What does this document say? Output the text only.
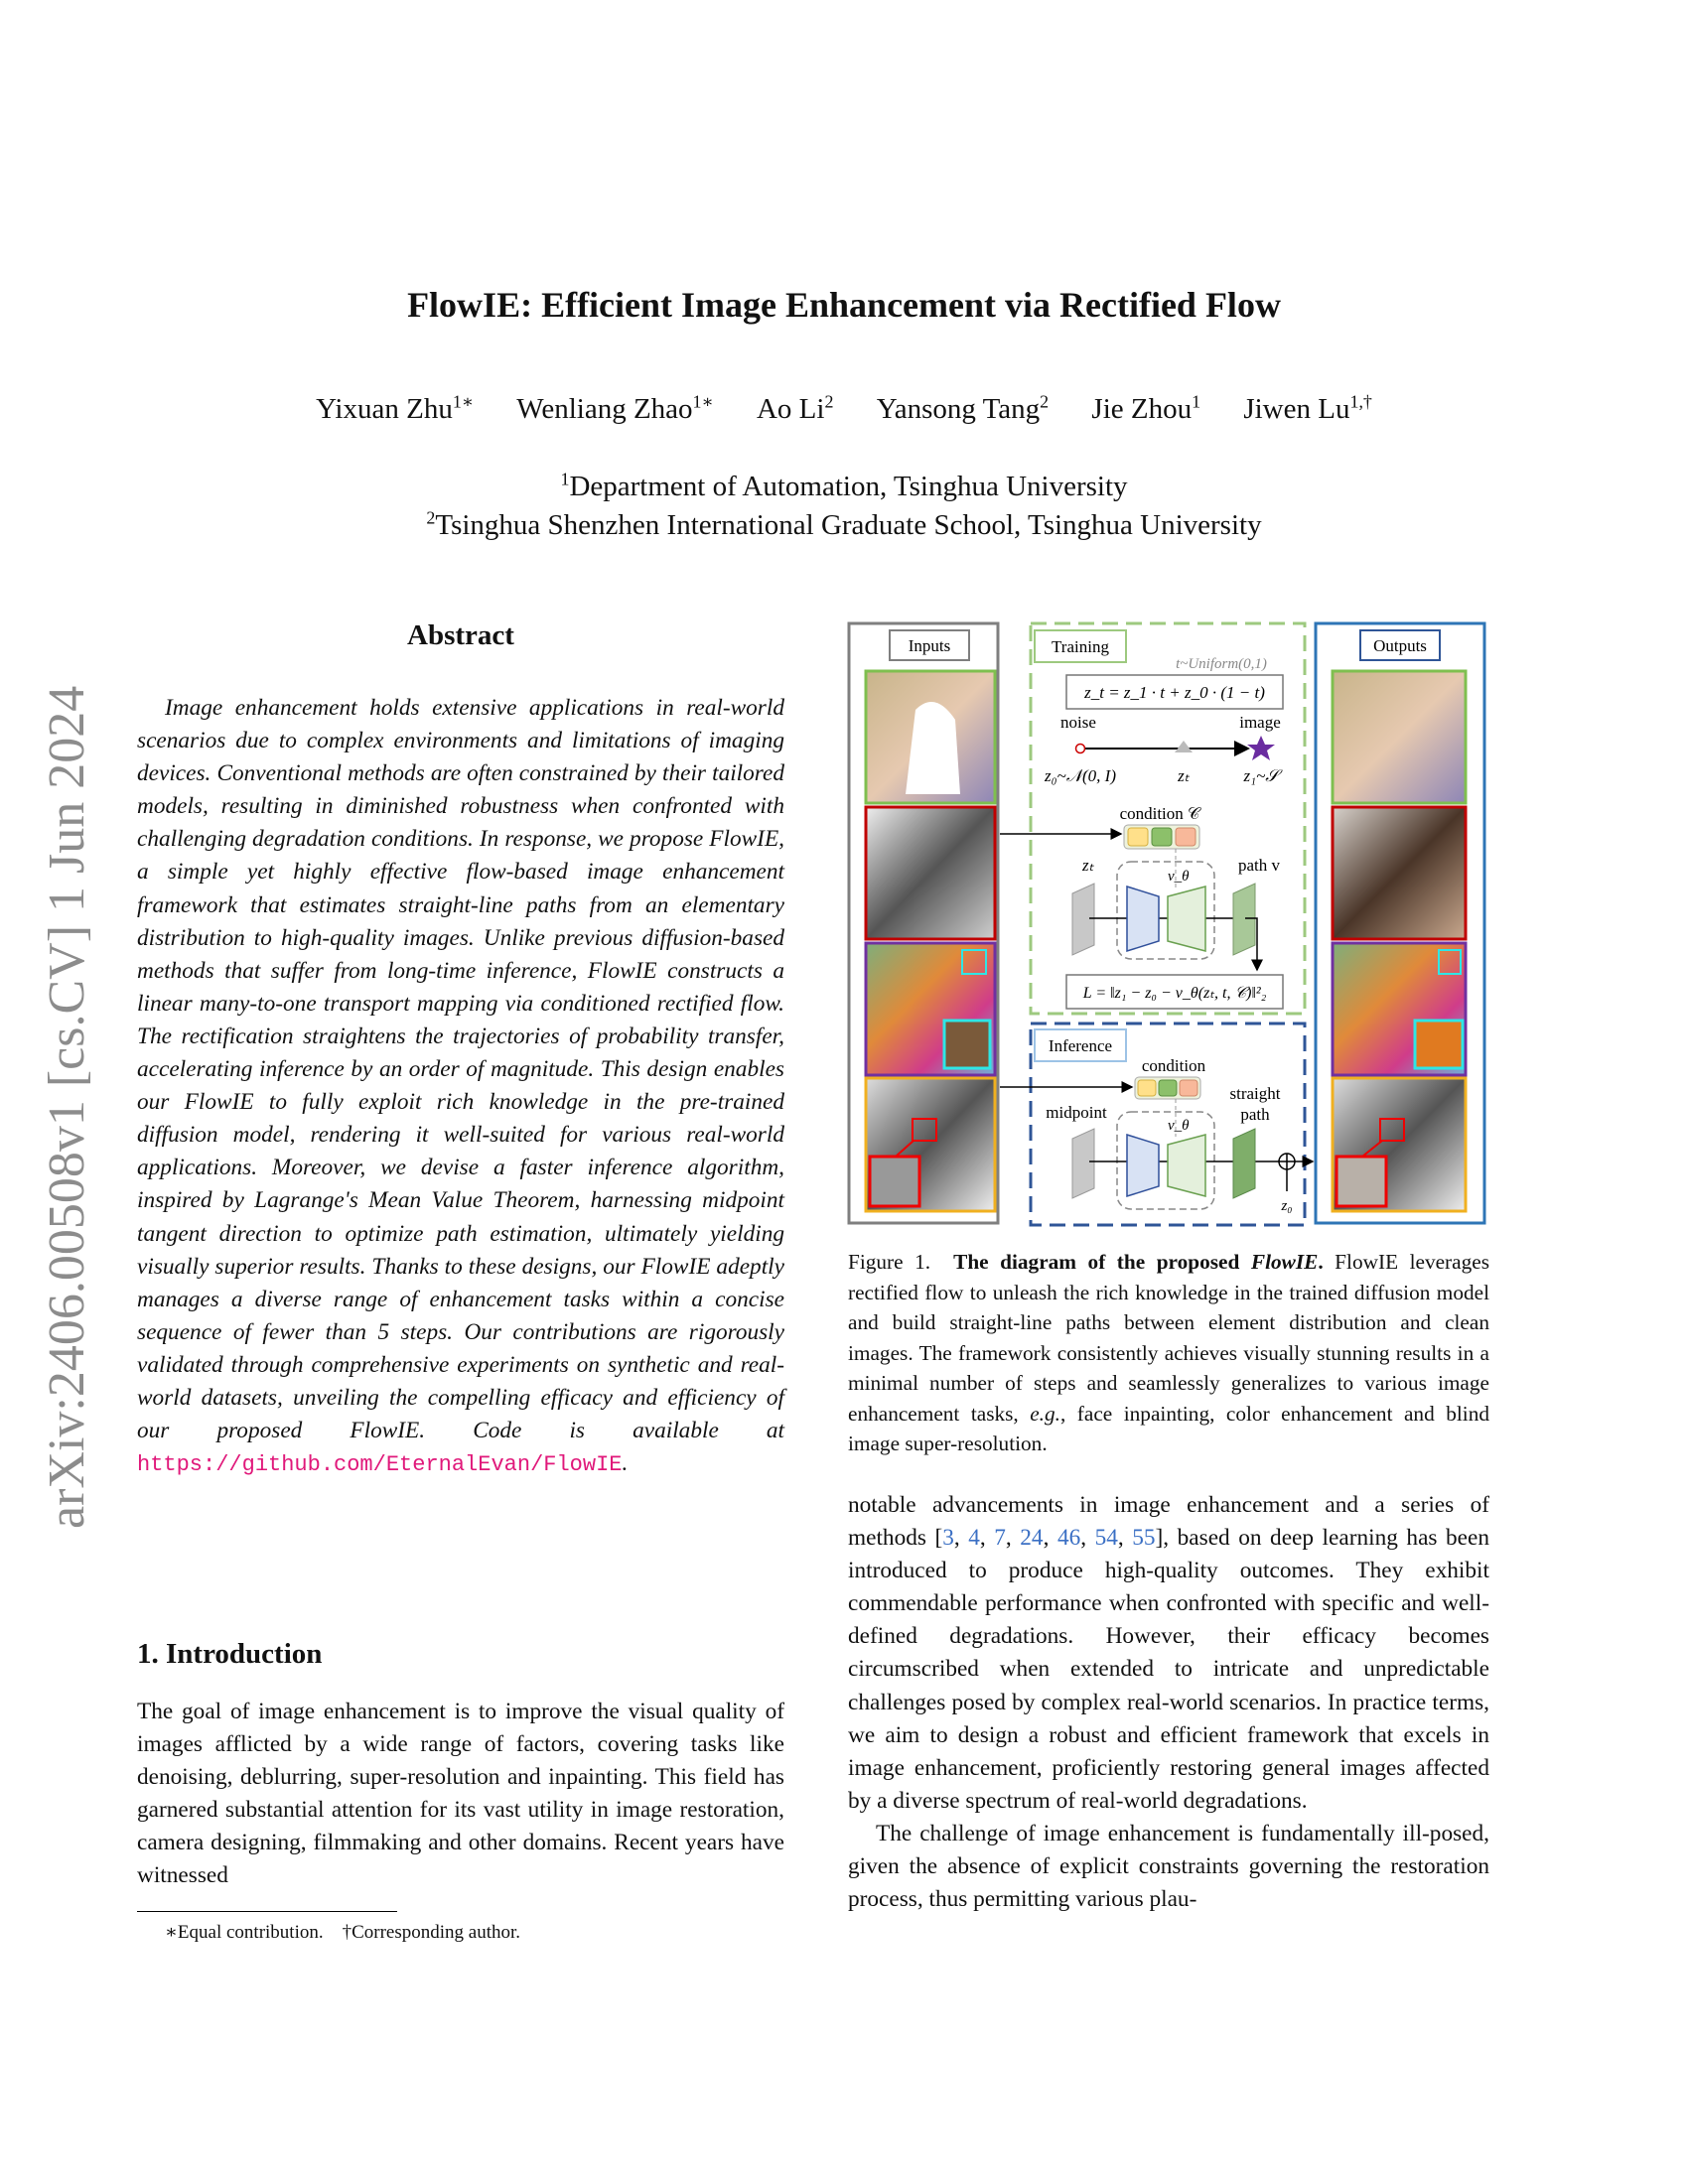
arXiv:2406.00508v1 [cs.CV] 1 Jun 2024
FlowIE: Efficient Image Enhancement via Rectified Flow
Yixuan Zhu$^{1∗}$ Wenliang Zhao$^{1∗}$ Ao Li$^2$ Yansong Tang$^2$ Jie Zhou$^1$ Jiwen $Lu^{1,\dagger}$
$^1$Department of Automation, Tsinghua University
$^2$Tsinghua Shenzhen International Graduate School, Tsinghua University
Abstract

Image enhancement holds extensive applications in real-world scenarios due to complex environments and limitations of imaging devices. Conventional methods are often constrained by their tailored models, resulting in diminished robustness when confronted with challenging degradation conditions. In response, we propose FlowIE, a simple yet highly effective flow-based image enhancement framework that estimates straight-line paths from an elementary distribution to high-quality images. Unlike previous diffusion-based methods that suffer from long-time inference, FlowIE constructs a linear many-to-one transport mapping via conditioned rectified flow. The rectification straightens the trajectories of probability transfer, accelerating inference by an order of magnitude. This design enables our FlowIE to fully exploit rich knowledge in the pre-trained diffusion model, rendering it well-suited for various real-world applications. Moreover, we devise a faster inference algorithm, inspired by Lagrange's Mean Value Theorem, harnessing midpoint tangent direction to optimize path estimation, ultimately yielding visually superior results. Thanks to these designs, our FlowIE adeptly manages a diverse range of enhancement tasks within a concise sequence of fewer than 5 steps. Our contributions are rigorously validated through comprehensive experiments on synthetic and real-world datasets, unveiling the compelling efficacy and efficiency of our proposed FlowIE. Code is available at https://github.com/EternalEvan/FlowIE.

1. Introduction
The goal of image enhancement is to improve the visual quality of images afflicted by a wide range of factors, covering tasks like denoising, deblurring, super-resolution and inpainting. This field has garnered substantial attention for its vast utility in image restoration, camera designing, filmmaking and other domains. Recent years have witnessed
∗Equal contribution. †Corresponding author.
Inputs	Training
t~Uniform(0,1)
z_t = z_1 · t + z_0 · (1 − t)
noise	image
z₀~𝒩(0, I)	zₜ	z₁~𝒮
condition 𝒞
zₜ
v_θ
path v
L = ‖z₁ − z₀ − v_θ(zₜ, t, 𝒞)‖²₂
Inference
condition
midpoint
straight
path
v_θ
z₀
Outputs
Figure 1. The diagram of the proposed FlowIE. FlowIE leverages rectified flow to unleash the rich knowledge in the trained diffusion model and build straight-line paths between element distribution and clean images. The framework consistently achieves visually stunning results in a minimal number of steps and seamlessly generalizes to various image enhancement tasks, e.g., face inpainting, color enhancement and blind image super-resolution.

notable advancements in image enhancement and a series of methods [3, 4, 7, 24, 46, 54, 55], based on deep learning has been introduced to produce high-quality outcomes. They exhibit commendable performance when confronted with specific and well-defined degradations. However, their efficacy becomes circumscribed when extended to intricate and unpredictable challenges posed by complex real-world scenarios. In practice terms, we aim to design a robust and efficient framework that excels in image enhancement, proficiently restoring general images affected by a diverse spectrum of real-world degradations.

The challenge of image enhancement is fundamentally ill-posed, given the absence of explicit constraints governing the restoration process, thus permitting various plau-
